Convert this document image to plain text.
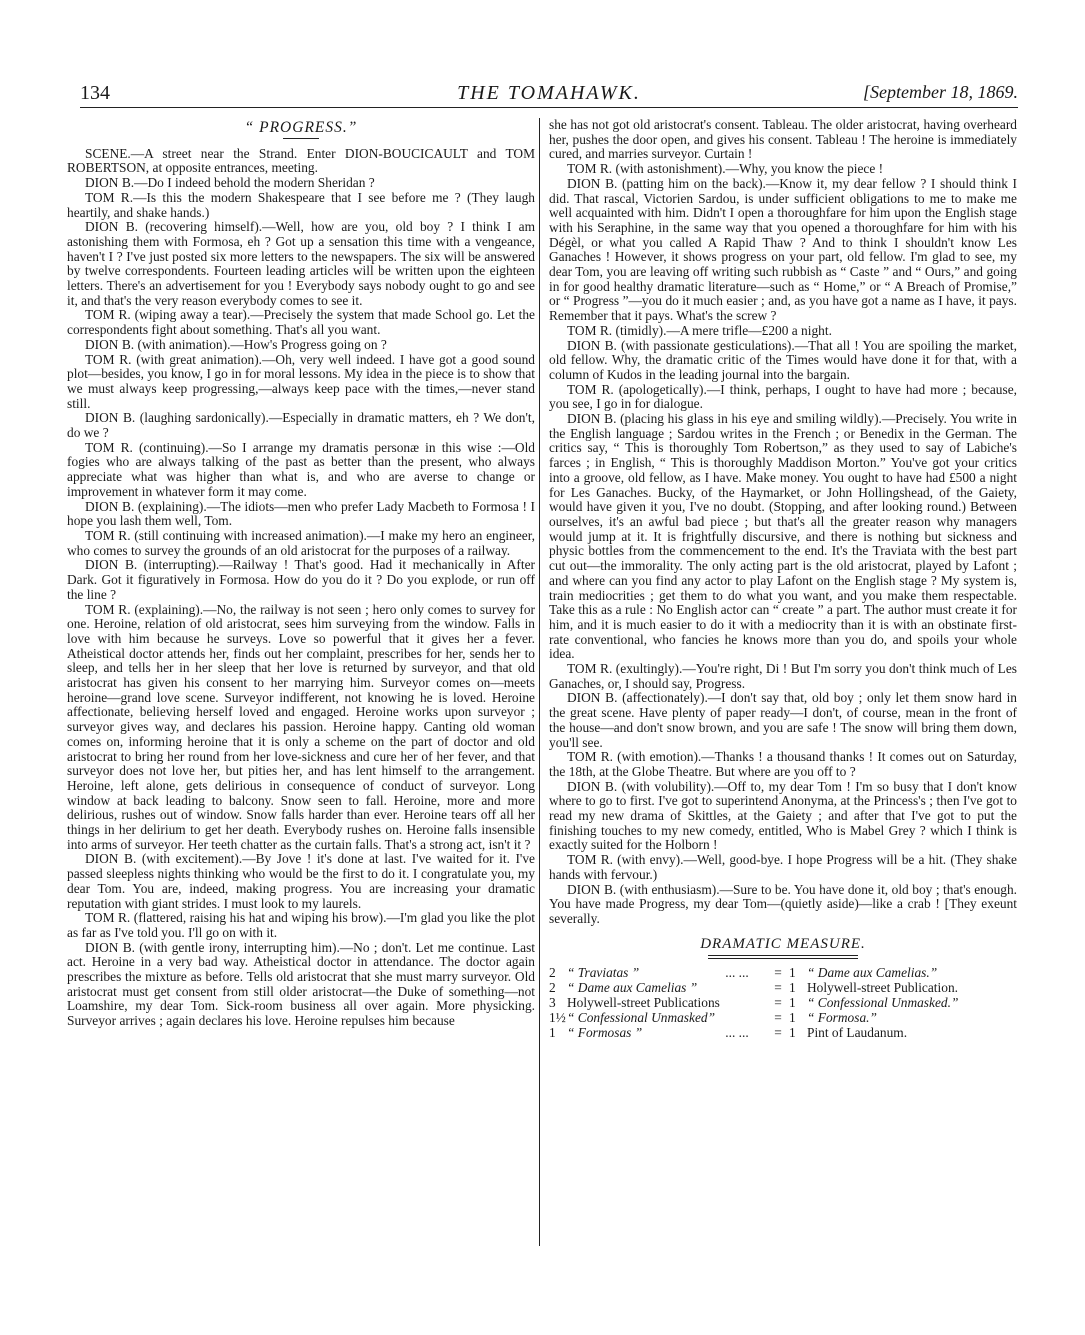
134	THE TOMAHAWK.	[September 18, 1869.
“ PROGRESS.”

SCENE.—A street near the Strand. Enter DION-BOUCICAULT and TOM ROBERTSON, at opposite entrances, meeting.

DION B.—Do I indeed behold the modern Sheridan ?

TOM R.—Is this the modern Shakespeare that I see before me ? (They laugh heartily, and shake hands.)

DION B. (recovering himself).—Well, how are you, old boy ? I think I am astonishing them with Formosa, eh ? Got up a sensation this time with a vengeance, haven't I ? I've just posted six more letters to the newspapers. The six will be answered by twelve correspondents. Fourteen leading articles will be written upon the eighteen letters. There's an advertisement for you ! Everybody says nobody ought to go and see it, and that's the very reason everybody comes to see it.

TOM R. (wiping away a tear).—Precisely the system that made School go. Let the correspondents fight about something. That's all you want.

DION B. (with animation).—How's Progress going on ?

TOM R. (with great animation).—Oh, very well indeed. I have got a good sound plot—besides, you know, I go in for moral lessons. My idea in the piece is to show that we must always keep progressing,—always keep pace with the times,—never stand still.

DION B. (laughing sardonically).—Especially in dramatic matters, eh ? We don't, do we ?

TOM R. (continuing).—So I arrange my dramatis personæ in this wise :—Old fogies who are always talking of the past as better than the present, who always appreciate what was higher than what is, and who are averse to change or improvement in whatever form it may come.

DION B. (explaining).—The idiots—men who prefer Lady Macbeth to Formosa ! I hope you lash them well, Tom.

TOM R. (still continuing with increased animation).—I make my hero an engineer, who comes to survey the grounds of an old aristocrat for the purposes of a railway.

DION B. (interrupting).—Railway ! That's good. Had it mechanically in After Dark. Got it figuratively in Formosa. How do you do it ? Do you explode, or run off the line ?

TOM R. (explaining).—No, the railway is not seen ; hero only comes to survey for one. Heroine, relation of old aristocrat, sees him surveying from the window. Falls in love with him because he surveys. Love so powerful that it gives her a fever. Atheistical doctor attends her, finds out her complaint, prescribes for her, sends her to sleep, and tells her in her sleep that her love is returned by surveyor, and that old aristocrat has given his consent to her marrying him. Surveyor comes on—meets heroine—grand love scene. Surveyor indifferent, not knowing he is loved. Heroine affectionate, believing herself loved and engaged. Heroine works upon surveyor ; surveyor gives way, and declares his passion. Heroine happy. Canting old woman comes on, informing heroine that it is only a scheme on the part of doctor and old aristocrat to bring her round from her love-sickness and cure her of her fever, and that surveyor does not love her, but pities her, and has lent himself to the arrangement. Heroine, left alone, gets delirious in consequence of conduct of surveyor. Long window at back leading to balcony. Snow seen to fall. Heroine, more and more delirious, rushes out of window. Snow falls harder than ever. Heroine tears off all her things in her delirium to get her death. Everybody rushes on. Heroine falls insensible into arms of surveyor. Her teeth chatter as the curtain falls. That's a strong act, isn't it ?

DION B. (with excitement).—By Jove ! it's done at last. I've waited for it. I've passed sleepless nights thinking who would be the first to do it. I congratulate you, my dear Tom. You are, indeed, making progress. You are increasing your dramatic reputation with giant strides. I must look to my laurels.

TOM R. (flattered, raising his hat and wiping his brow).—I'm glad you like the plot as far as I've told you. I'll go on with it.

DION B. (with gentle irony, interrupting him).—No ; don't. Let me continue. Last act. Heroine in a very bad way. Atheistical doctor in attendance. The doctor again prescribes the mixture as before. Tells old aristocrat that she must marry surveyor. Old aristocrat must get consent from still older aristocrat—the Duke of something—not Loamshire, my dear Tom. Sick-room business all over again. More physicking. Surveyor arrives ; again declares his love. Heroine repulses him because

she has not got old aristocrat's consent. Tableau. The older aristocrat, having overheard her, pushes the door open, and gives his consent. Tableau ! The heroine is immediately cured, and marries surveyor. Curtain !

TOM R. (with astonishment).—Why, you know the piece !

DION B. (patting him on the back).—Know it, my dear fellow ? I should think I did. That rascal, Victorien Sardou, is under sufficient obligations to me to make me well acquainted with him. Didn't I open a thoroughfare for him upon the English stage with his Seraphine, in the same way that you opened a thoroughfare for him with his Dégèl, or what you called A Rapid Thaw ? And to think I shouldn't know Les Ganaches ! However, it shows progress on your part, old fellow. I'm glad to see, my dear Tom, you are leaving off writing such rubbish as “ Caste ” and “ Ours,” and going in for good healthy dramatic literature—such as “ Home,” or “ A Breach of Promise,” or “ Progress ”—you do it much easier ; and, as you have got a name as I have, it pays. Remember that it pays. What's the screw ?

TOM R. (timidly).—A mere trifle—£200 a night.

DION B. (with passionate gesticulations).—That all ! You are spoiling the market, old fellow. Why, the dramatic critic of the Times would have done it for that, with a column of Kudos in the leading journal into the bargain.

TOM R. (apologetically).—I think, perhaps, I ought to have had more ; because, you see, I go in for dialogue.

DION B. (placing his glass in his eye and smiling wildly).—Precisely. You write in the English language ; Sardou writes in the French ; or Benedix in the German. The critics say, “ This is thoroughly Tom Robertson,” as they used to say of Labiche's farces ; in English, “ This is thoroughly Maddison Morton.” You've got your critics into a groove, old fellow, as I have. Make money. You ought to have had £500 a night for Les Ganaches. Bucky, of the Haymarket, or John Hollingshead, of the Gaiety, would have given it you, I've no doubt. (Stopping, and after looking round.) Between ourselves, it's an awful bad piece ; but that's all the greater reason why managers would jump at it. It is frightfully discursive, and there is nothing but sickness and physic bottles from the commencement to the end. It's the Traviata with the best part cut out—the immorality. The only acting part is the old aristocrat, played by Lafont ; and where can you find any actor to play Lafont on the English stage ? My system is, train mediocrities ; get them to do what you want, and you make them respectable. Take this as a rule : No English actor can “ create ” a part. The author must create it for him, and it is much easier to do it with a mediocrity than it is with an obstinate first-rate conventional, who fancies he knows more than you do, and spoils your whole idea.

TOM R. (exultingly).—You're right, Di ! But I'm sorry you don't think much of Les Ganaches, or, I should say, Progress.

DION B. (affectionately).—I don't say that, old boy ; only let them snow hard in the great scene. Have plenty of paper ready—I don't, of course, mean in the front of the house—and don't snow brown, and you are safe ! The snow will bring them down, you'll see.

TOM R. (with emotion).—Thanks ! a thousand thanks ! It comes out on Saturday, the 18th, at the Globe Theatre. But where are you off to ?

DION B. (with volubility).—Off to, my dear Tom ! I'm so busy that I don't know where to go to first. I've got to superintend Anonyma, at the Princess's ; then I've got to read my new drama of Skittles, at the Gaiety ; and after that I've got to put the finishing touches to my new comedy, entitled, Who is Mabel Grey ? which I think is exactly suited for the Holborn !

TOM R. (with envy).—Well, good-bye. I hope Progress will be a hit. (They shake hands with fervour.)

DION B. (with enthusiasm).—Sure to be. You have done it, old boy ; that's enough. You have made Progress, my dear Tom—(quietly aside)—like a crab ! [They exeunt severally.

DRAMATIC MEASURE.
2 “ Traviatas ”	... ...	= 1 “ Dame aux Camelias.”
2 “ Dame aux Camelias ”	= 1 Holywell-street Publication.
3 Holywell-street Publications	= 1 “ Confessional Unmasked.”
1½ “ Confessional Unmasked”	= 1 “ Formosa.”
1 “ Formosas ”	... ...	= 1 Pint of Laudanum.
